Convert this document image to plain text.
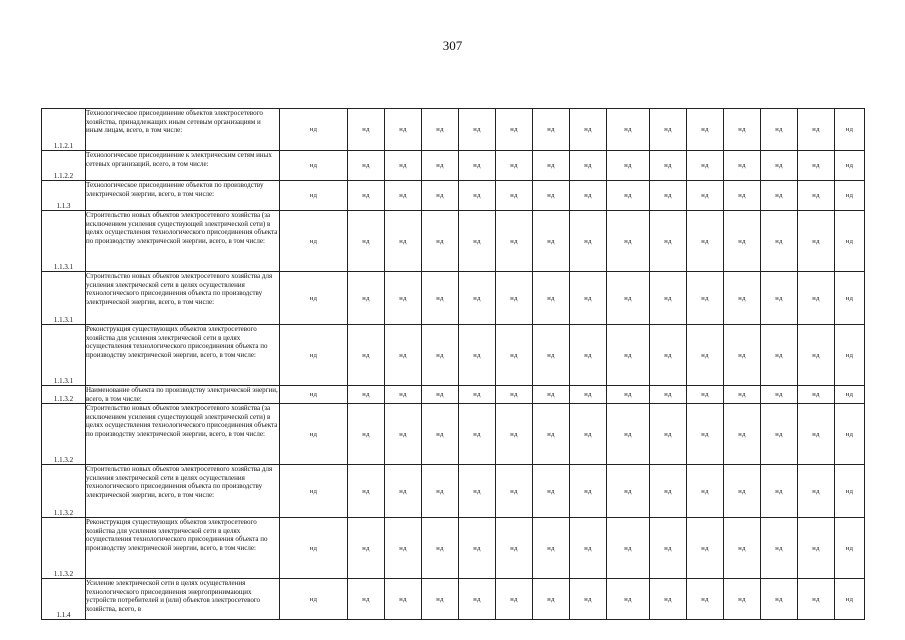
307
1.1.2.1	Технологическое присоединение объектов электросетевого хозяйства, принадлежащих иным сетевым организациям и иным лицам, всего, в том числе:	нд	нд	нд	нд	нд	нд	нд	нд	нд	нд	нд	нд	нд	нд	нд
1.1.2.2	Технологическое присоединение к электрическим сетям иных сетевых организаций, всего, в том числе:	нд	нд	нд	нд	нд	нд	нд	нд	нд	нд	нд	нд	нд	нд	нд
1.1.3	Технологическое присоединение объектов по производству электрической энергии, всего, в том числе:	нд	нд	нд	нд	нд	нд	нд	нд	нд	нд	нд	нд	нд	нд	нд
1.1.3.1	Строительство новых объектов электросетевого хозяйства (за исключением усиления существующей электрической сети) в целях осуществления технологического присоединения объекта по производству электрической энергии, всего, в том числе:	нд	нд	нд	нд	нд	нд	нд	нд	нд	нд	нд	нд	нд	нд	нд
1.1.3.1	Строительство новых объектов электросетевого хозяйства для усиления электрической сети в целях осуществления технологического присоединения объекта по производству электрической энергии, всего, в том числе:	нд	нд	нд	нд	нд	нд	нд	нд	нд	нд	нд	нд	нд	нд	нд
1.1.3.1	Реконструкция существующих объектов электросетевого хозяйства для усиления электрической сети в целях осуществления технологического присоединения объекта по производству электрической энергии, всего, в том числе:	нд	нд	нд	нд	нд	нд	нд	нд	нд	нд	нд	нд	нд	нд	нд
1.1.3.2	Наименование объекта по производству электрической энергии, всего, в том числе:	нд	нд	нд	нд	нд	нд	нд	нд	нд	нд	нд	нд	нд	нд	нд
1.1.3.2	Строительство новых объектов электросетевого хозяйства (за исключением усиления существующей электрической сети) в целях осуществления технологического присоединения объекта по производству электрической энергии, всего, в том числе:	нд	нд	нд	нд	нд	нд	нд	нд	нд	нд	нд	нд	нд	нд	нд
1.1.3.2	Строительство новых объектов электросетевого хозяйства для усиления электрической сети в целях осуществления технологического присоединения объекта по производству электрической энергии, всего, в том числе:	нд	нд	нд	нд	нд	нд	нд	нд	нд	нд	нд	нд	нд	нд	нд
1.1.3.2	Реконструкция существующих объектов электросетевого хозяйства для усиления электрической сети в целях осуществления технологического присоединения объекта по производству электрической энергии, всего, в том числе:	нд	нд	нд	нд	нд	нд	нд	нд	нд	нд	нд	нд	нд	нд	нд
1.1.4	Усиление электрической сети в целях осуществления технологического присоединения энергопринимающих устройств потребителей и (или) объектов электросетевого хозяйства, всего, в	нд	нд	нд	нд	нд	нд	нд	нд	нд	нд	нд	нд	нд	нд	нд
